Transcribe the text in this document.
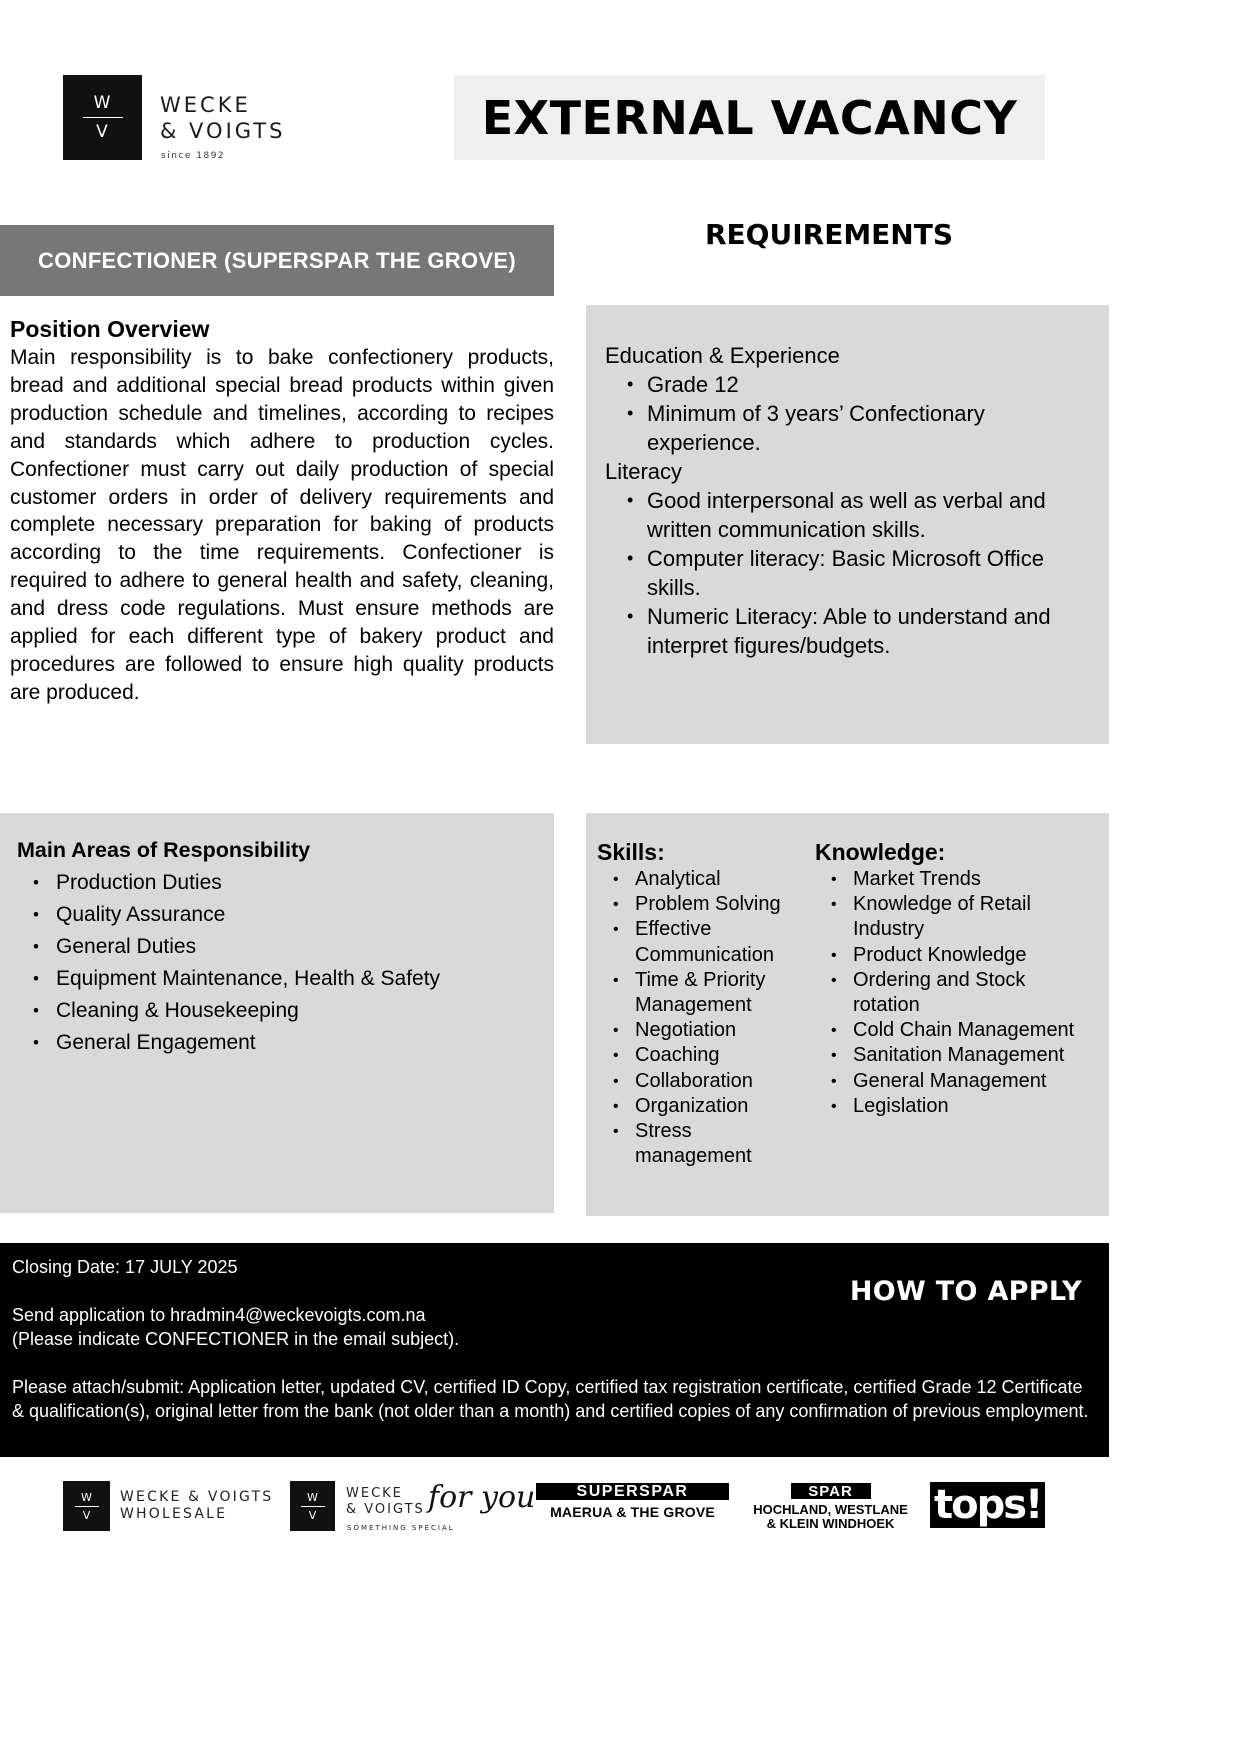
W
V
WECKE
& VOIGTS
since 1892
EXTERNAL VACANCY
CONFECTIONER (SUPERSPAR THE GROVE)
REQUIREMENTS
Position Overview

Main responsibility is to bake confectionery products, bread and additional special bread products within given production schedule and timelines, according to recipes and standards which adhere to production cycles. Confectioner must carry out daily production of special customer orders in order of delivery requirements and complete necessary preparation for baking of products according to the time requirements. Confectioner is required to adhere to general health and safety, cleaning, and dress code regulations. Must ensure methods are applied for each different type of bakery product and procedures are followed to ensure high quality products are produced.

Education & Experience
• Grade 12
• Minimum of 3 years’ Confectionary experience.
Literacy
• Good interpersonal as well as verbal and written communication skills.
• Computer literacy: Basic Microsoft Office skills.
• Numeric Literacy: Able to understand and interpret figures/budgets.
Main Areas of Responsibility
• Production Duties
• Quality Assurance
• General Duties
• Equipment Maintenance, Health & Safety
• Cleaning & Housekeeping
• General Engagement
Skills:
• Analytical
• Problem Solving
• Effective Communication
• Time & Priority Management
• Negotiation
• Coaching
• Collaboration
• Organization
• Stress management
Knowledge:
• Market Trends
• Knowledge of Retail Industry
• Product Knowledge
• Ordering and Stock rotation
• Cold Chain Management
• Sanitation Management
• General Management
• Legislation
Closing Date: 17 JULY 2025
Send application to hradmin4@weckevoigts.com.na
(Please indicate CONFECTIONER in the email subject).
Please attach/submit: Application letter, updated CV, certified ID Copy, certified tax registration certificate, certified Grade 12 Certificate & qualification(s), original letter from the bank (not older than a month) and certified copies of any confirmation of previous employment.
HOW TO APPLY
W
V
WECKE & VOIGTS
WHOLESALE
W
V
WECKE
& VOIGTS for you
SOMETHING SPECIAL
SUPERSPAR
MAERUA & THE GROVE
SPAR
HOCHLAND, WESTLANE
& KLEIN WINDHOEK tops!
